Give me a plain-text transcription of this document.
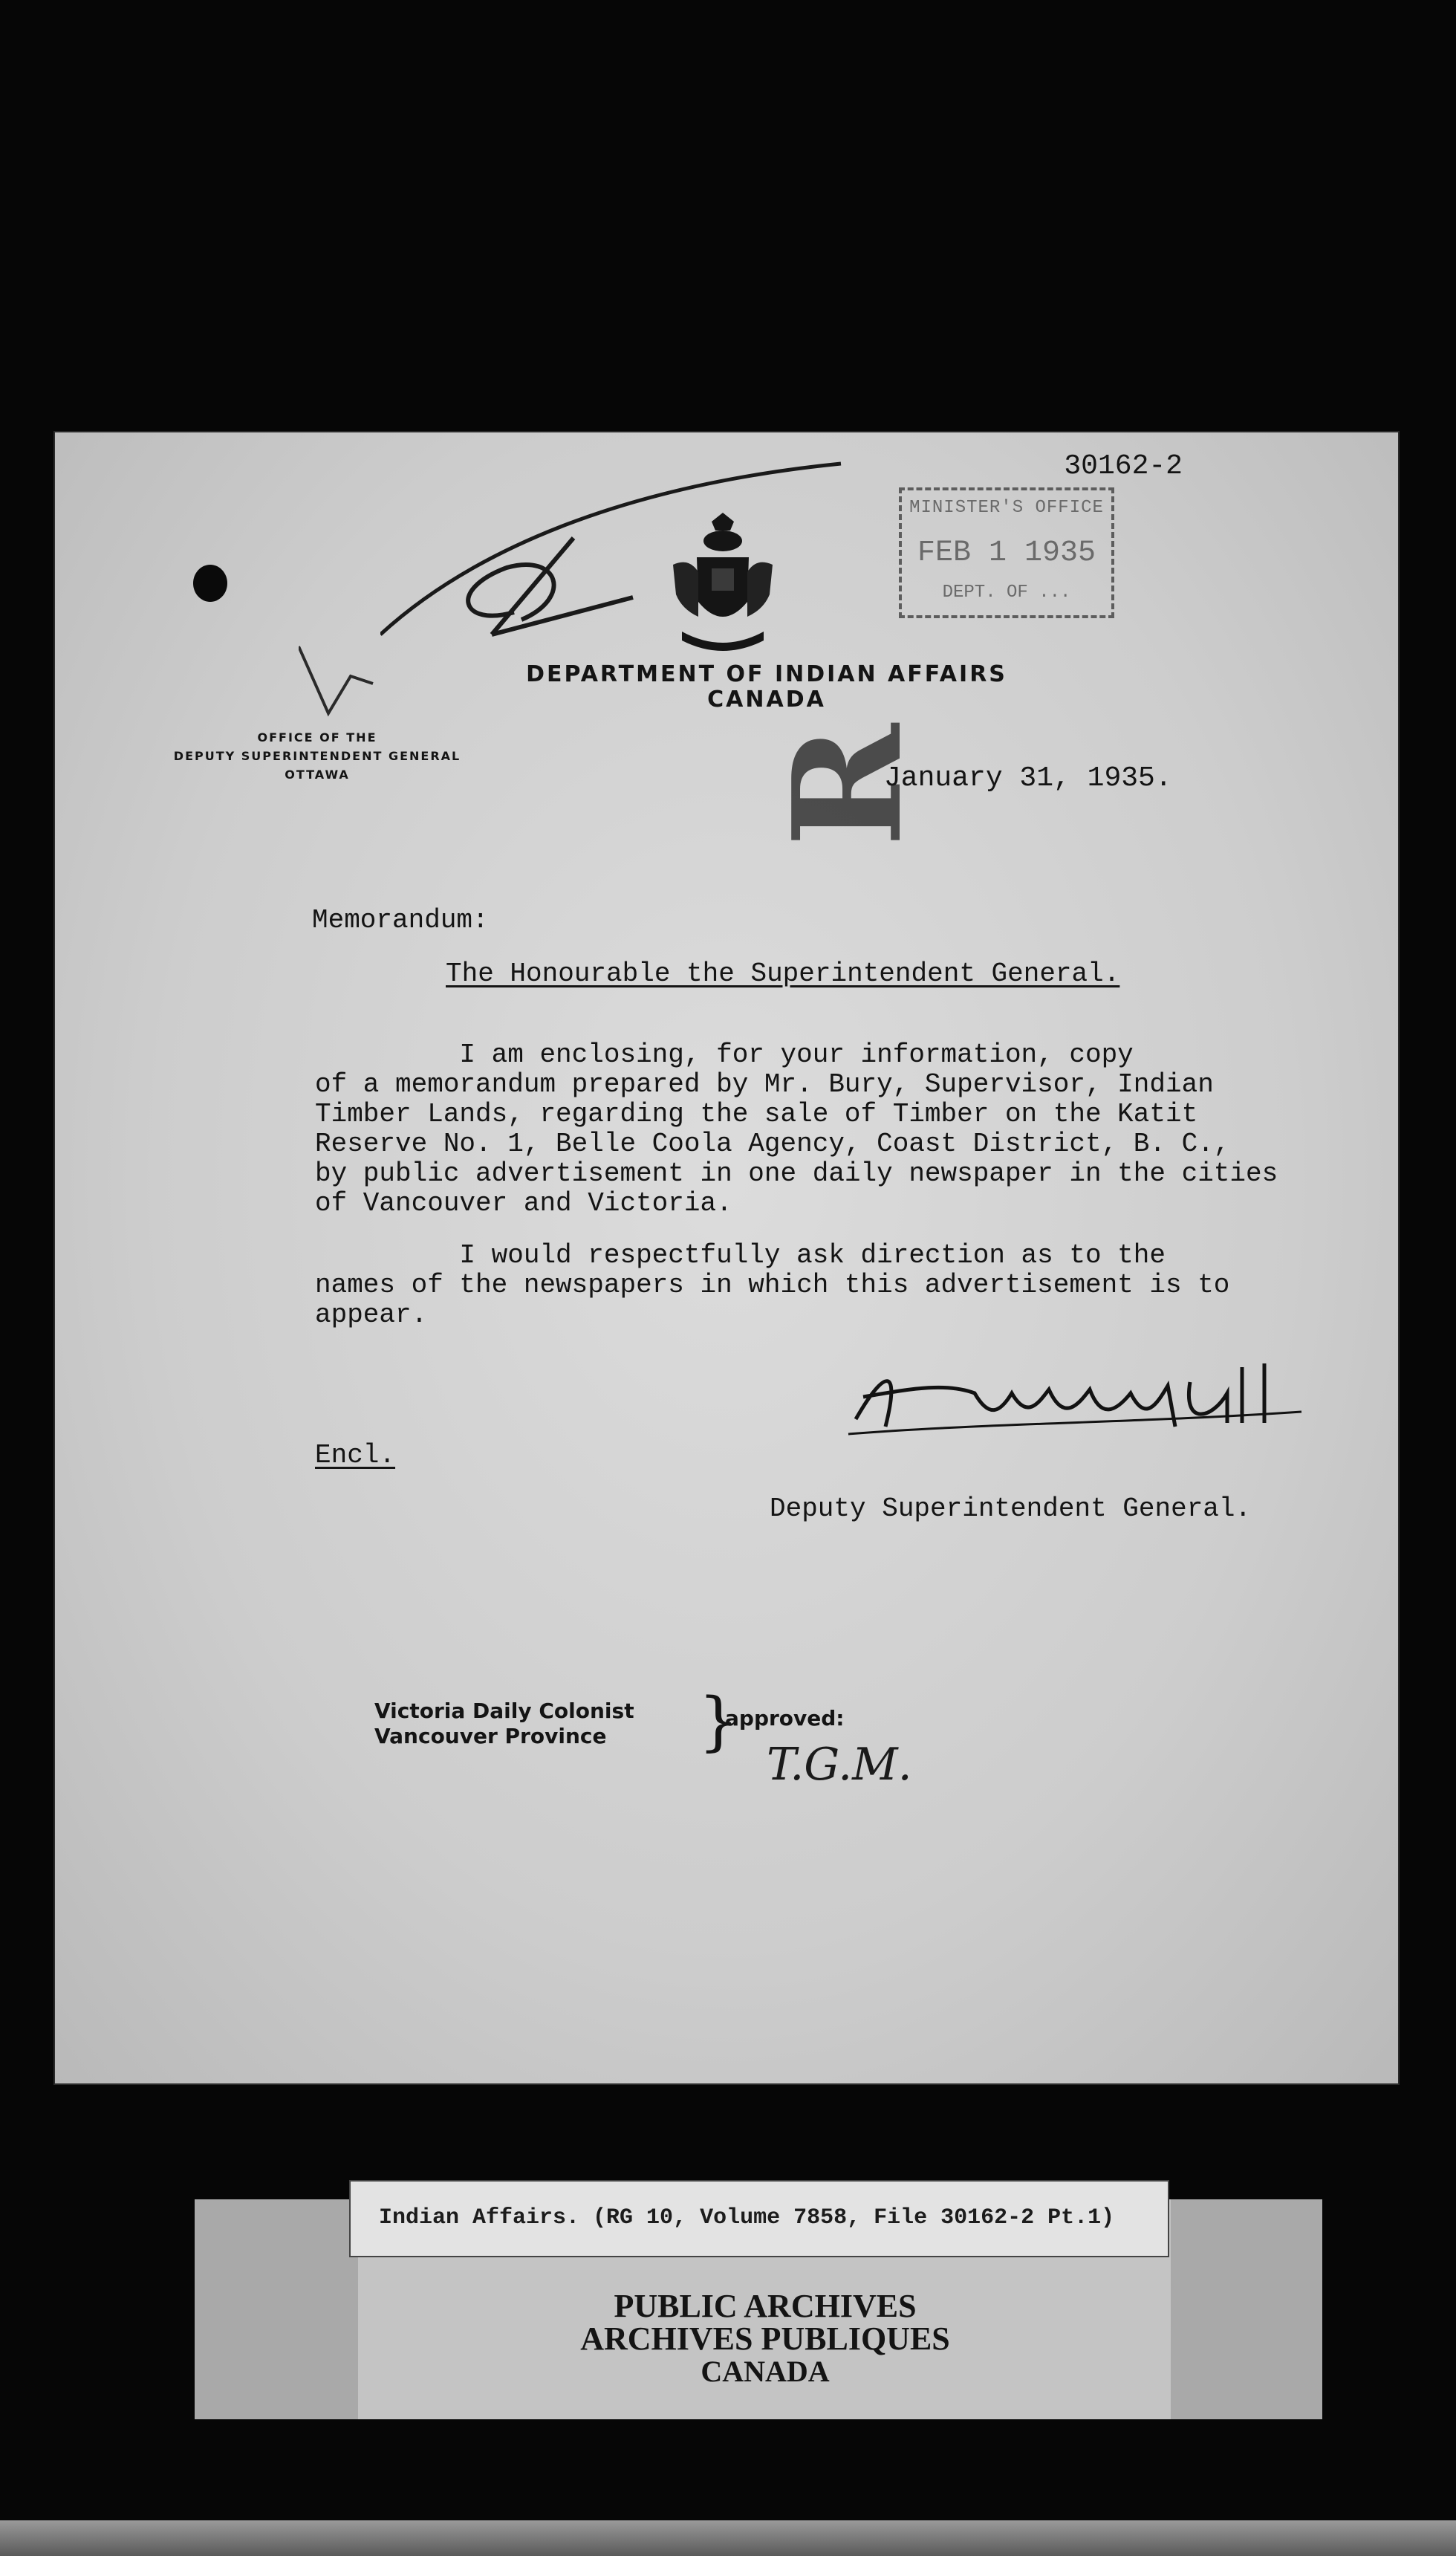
30162-2
MINISTER'S OFFICE
FEB 1 1935
DEPT. OF ...
DEPARTMENT OF INDIAN AFFAIRS
CANADA
OFFICE OF THE
DEPUTY SUPERINTENDENT GENERAL
OTTAWA	January 31, 1935.
R
Memorandum:
The Honourable the Superintendent General.
I am enclosing, for your information, copy
of a memorandum prepared by Mr. Bury, Supervisor, Indian
Timber Lands, regarding the sale of Timber on the Katit
Reserve No. 1, Belle Coola Agency, Coast District, B. C.,
by public advertisement in one daily newspaper in the cities
of Vancouver and Victoria.
I would respectfully ask direction as to the
names of the newspapers in which this advertisement is to
appear.
Encl.
Deputy Superintendent General.
Victoria Daily Colonist
Vancouver Province }
approved:
T.G.M.
Indian Affairs. (RG 10, Volume 7858, File 30162-2 Pt.1)
PUBLIC ARCHIVES
ARCHIVES PUBLIQUES
CANADA
